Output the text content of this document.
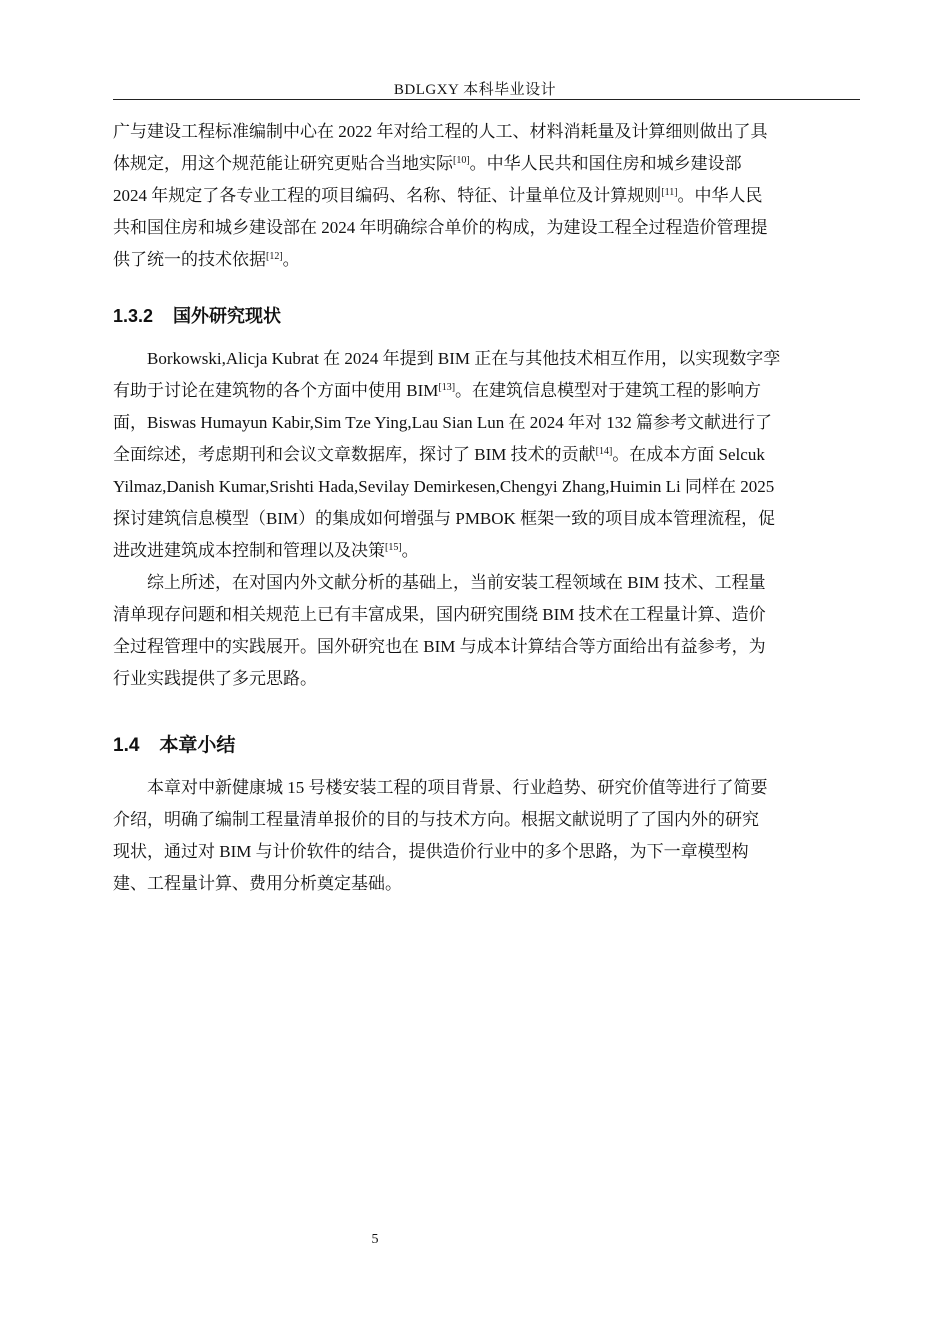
BDLGXY 本科毕业设计

广与建设工程标准编制中心在 2022 年对给工程的人工、材料消耗量及计算细则做出了具
体规定，用这个规范能让研究更贴合当地实际[10]。中华人民共和国住房和城乡建设部
2024 年规定了各专业工程的项目编码、名称、特征、计量单位及计算规则[11]。中华人民
共和国住房和城乡建设部在 2024 年明确综合单价的构成，为建设工程全过程造价管理提
供了统一的技术依据[12]。

1.3.2 国外研究现状

Borkowski,Alicja Kubrat 在 2024 年提到 BIM 正在与其他技术相互作用，以实现数字孪
有助于讨论在建筑物的各个方面中使用 BIM[13]。在建筑信息模型对于建筑工程的影响方
面，Biswas Humayun Kabir,Sim Tze Ying,Lau Sian Lun 在 2024 年对 132 篇参考文献进行了
全面综述，考虑期刊和会议文章数据库，探讨了 BIM 技术的贡献[14]。在成本方面 Selcuk
Yilmaz,Danish Kumar,Srishti Hada,Sevilay Demirkesen,Chengyi Zhang,Huimin Li 同样在 2025
探讨建筑信息模型（BIM）的集成如何增强与 PMBOK 框架一致的项目成本管理流程，促
进改进建筑成本控制和管理以及决策[15]。

综上所述，在对国内外文献分析的基础上，当前安装工程领域在 BIM 技术、工程量
清单现存问题和相关规范上已有丰富成果，国内研究围绕 BIM 技术在工程量计算、造价
全过程管理中的实践展开。国外研究也在 BIM 与成本计算结合等方面给出有益参考，为
行业实践提供了多元思路。

1.4 本章小结

本章对中新健康城 15 号楼安装工程的项目背景、行业趋势、研究价值等进行了简要
介绍，明确了编制工程量清单报价的目的与技术方向。根据文献说明了了国内外的研究
现状，通过对 BIM 与计价软件的结合，提供造价行业中的多个思路，为下一章模型构
建、工程量计算、费用分析奠定基础。

5
